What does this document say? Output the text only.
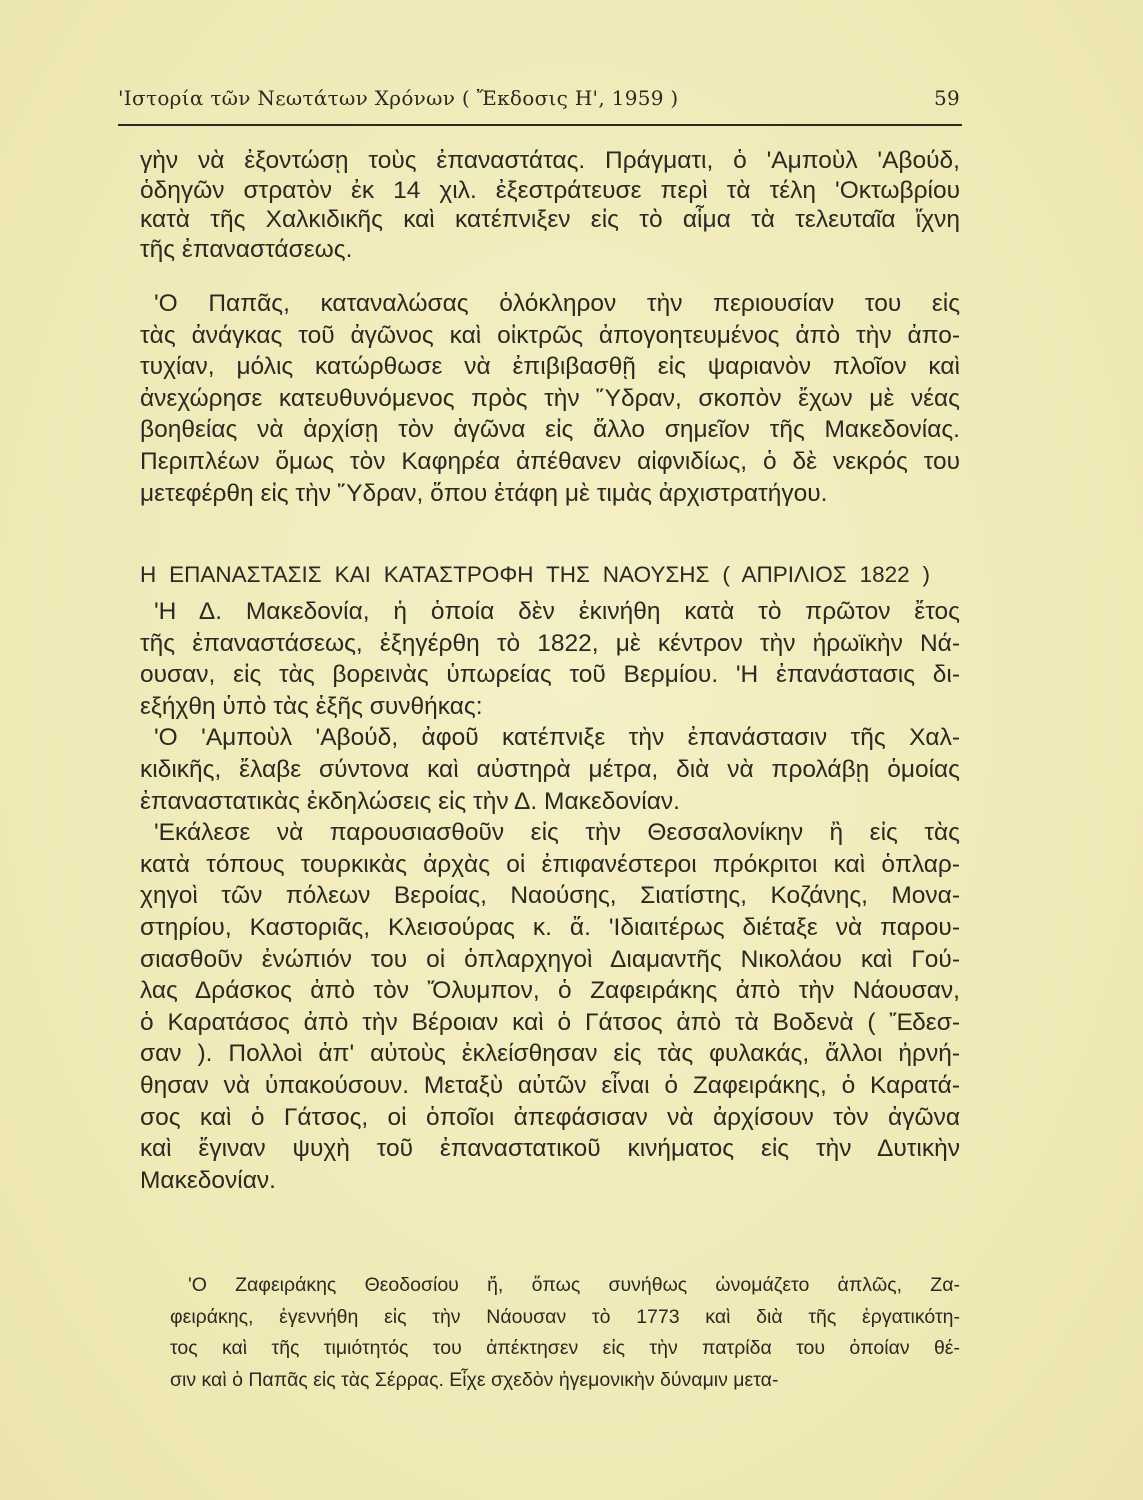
'Ιστορία τῶν Νεωτάτων Χρόνων ( Ἔκδοσις Η', 1959 )	59
γὴν νὰ ἐξοντώσῃ τοὺς ἐπαναστάτας. Πράγματι, ὁ 'Αμποὺλ 'Αβούδ,
ὁδηγῶν στρατὸν ἐκ 14 χιλ. ἐξεστράτευσε περὶ τὰ τέλη 'Οκτωβρίου
κατὰ τῆς Χαλκιδικῆς καὶ κατέπνιξεν εἰς τὸ αἷμα τὰ τελευταῖα ἴχνη
τῆς ἐπαναστάσεως.
'Ο Παπᾶς, καταναλώσας ὁλόκληρον τὴν περιουσίαν του εἰς
τὰς ἀνάγκας τοῦ ἀγῶνος καὶ οἰκτρῶς ἀπογοητευμένος ἀπὸ τὴν ἀπο-
τυχίαν, μόλις κατώρθωσε νὰ ἐπιβιβασθῇ εἰς ψαριανὸν πλοῖον καὶ
ἀνεχώρησε κατευθυνόμενος πρὸς τὴν Ὕδραν, σκοπὸν ἔχων μὲ νέας
βοηθείας νὰ ἀρχίσῃ τὸν ἀγῶνα εἰς ἄλλο σημεῖον τῆς Μακεδονίας.
Περιπλέων ὅμως τὸν Καφηρέα ἀπέθανεν αἰφνιδίως, ὁ δὲ νεκρός του
μετεφέρθη εἰς τὴν Ὕδραν, ὅπου ἐτάφη μὲ τιμὰς ἀρχιστρατήγου.
Η ΕΠΑΝΑΣΤΑΣΙΣ ΚΑΙ ΚΑΤΑΣΤΡΟΦΗ ΤΗΣ ΝΑΟΥΣΗΣ ( ΑΠΡΙΛΙΟΣ 1822 )
'Η Δ. Μακεδονία, ἡ ὁποία δὲν ἐκινήθη κατὰ τὸ πρῶτον ἔτος
τῆς ἐπαναστάσεως, ἐξηγέρθη τὸ 1822, μὲ κέντρον τὴν ἡρωϊκὴν Νά-
ουσαν, εἰς τὰς βορεινὰς ὑπωρείας τοῦ Βερμίου. 'Η ἐπανάστασις δι-
εξήχθη ὑπὸ τὰς ἑξῆς συνθήκας:
'Ο 'Αμποὺλ 'Αβούδ, ἀφοῦ κατέπνιξε τὴν ἐπανάστασιν τῆς Χαλ-
κιδικῆς, ἔλαβε σύντονα καὶ αὐστηρὰ μέτρα, διὰ νὰ προλάβῃ ὁμοίας
ἐπαναστατικὰς ἐκδηλώσεις εἰς τὴν Δ. Μακεδονίαν.
'Εκάλεσε νὰ παρουσιασθοῦν εἰς τὴν Θεσσαλονίκην ἢ εἰς τὰς
κατὰ τόπους τουρκικὰς ἀρχὰς οἱ ἐπιφανέστεροι πρόκριτοι καὶ ὁπλαρ-
χηγοὶ τῶν πόλεων Βεροίας, Ναούσης, Σιατίστης, Κοζάνης, Μονα-
στηρίου, Καστοριᾶς, Κλεισούρας κ. ἄ. 'Ιδιαιτέρως διέταξε νὰ παρου-
σιασθοῦν ἐνώπιόν του οἱ ὁπλαρχηγοὶ Διαμαντῆς Νικολάου καὶ Γού-
λας Δράσκος ἀπὸ τὸν Ὄλυμπον, ὁ Ζαφειράκης ἀπὸ τὴν Νάουσαν,
ὁ Καρατάσος ἀπὸ τὴν Βέροιαν καὶ ὁ Γάτσος ἀπὸ τὰ Βοδενὰ ( Ἔδεσ-
σαν ). Πολλοὶ ἀπ' αὐτοὺς ἐκλείσθησαν εἰς τὰς φυλακάς, ἄλλοι ἠρνή-
θησαν νὰ ὑπακούσουν. Μεταξὺ αὐτῶν εἶναι ὁ Ζαφειράκης, ὁ Καρατά-
σος καὶ ὁ Γάτσος, οἱ ὁποῖοι ἀπεφάσισαν νὰ ἀρχίσουν τὸν ἀγῶνα
καὶ ἔγιναν ψυχὴ τοῦ ἐπαναστατικοῦ κινήματος εἰς τὴν Δυτικὴν
Μακεδονίαν.
'Ο Ζαφειράκης Θεοδοσίου ἤ, ὅπως συνήθως ὠνομάζετο ἁπλῶς, Ζα-
φειράκης, ἐγεννήθη εἰς τὴν Νάουσαν τὸ 1773 καὶ διὰ τῆς ἐργατικότη-
τος καὶ τῆς τιμιότητός του ἀπέκτησεν εἰς τὴν πατρίδα του ὁποίαν θέ-
σιν καὶ ὁ Παπᾶς εἰς τὰς Σέρρας. Εἶχε σχεδὸν ἡγεμονικὴν δύναμιν μετα-
